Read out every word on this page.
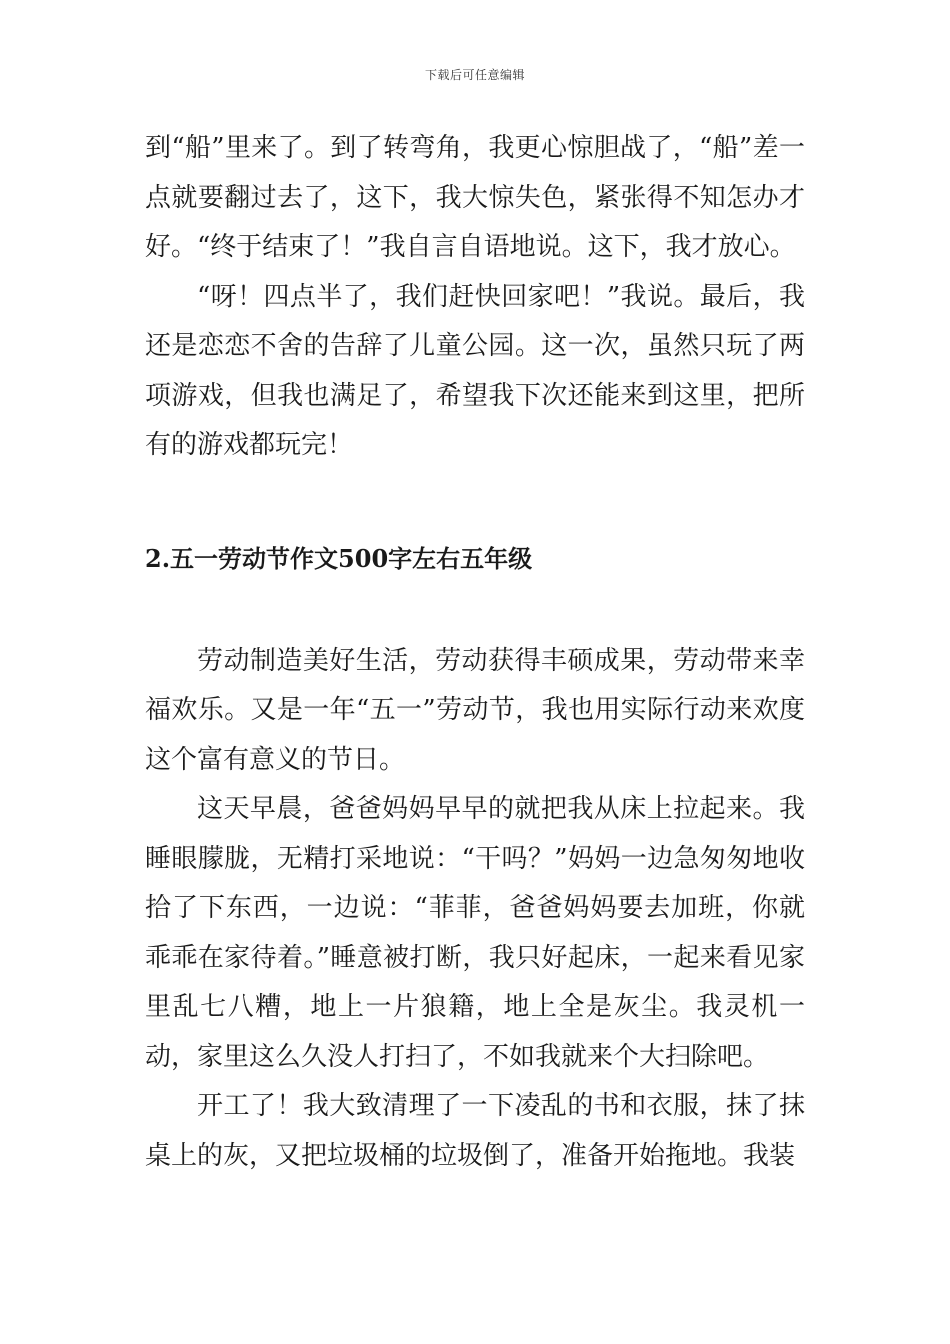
下载后可任意编辑

到“船”里来了。到了转弯角，我更心惊胆战了，“船”差一点就要翻过去了，这下，我大惊失色，紧张得不知怎办才好。“终于结束了！”我自言自语地说。这下，我才放心。

“呀！四点半了，我们赶快回家吧！”我说。最后，我还是恋恋不舍的告辞了儿童公园。这一次，虽然只玩了两项游戏，但我也满足了，希望我下次还能来到这里，把所有的游戏都玩完！

2.五一劳动节作文500字左右五年级

劳动制造美好生活，劳动获得丰硕成果，劳动带来幸福欢乐。又是一年“五一”劳动节，我也用实际行动来欢度这个富有意义的节日。

这天早晨，爸爸妈妈早早的就把我从床上拉起来。我睡眼朦胧，无精打采地说：“干吗？”妈妈一边急匆匆地收拾了下东西，一边说：“菲菲，爸爸妈妈要去加班，你就乖乖在家待着。”睡意被打断，我只好起床，一起来看见家里乱七八糟，地上一片狼籍，地上全是灰尘。我灵机一动，家里这么久没人打扫了，不如我就来个大扫除吧。

开工了！我大致清理了一下凌乱的书和衣服，抹了抹桌上的灰，又把垃圾桶的垃圾倒了，准备开始拖地。我装
